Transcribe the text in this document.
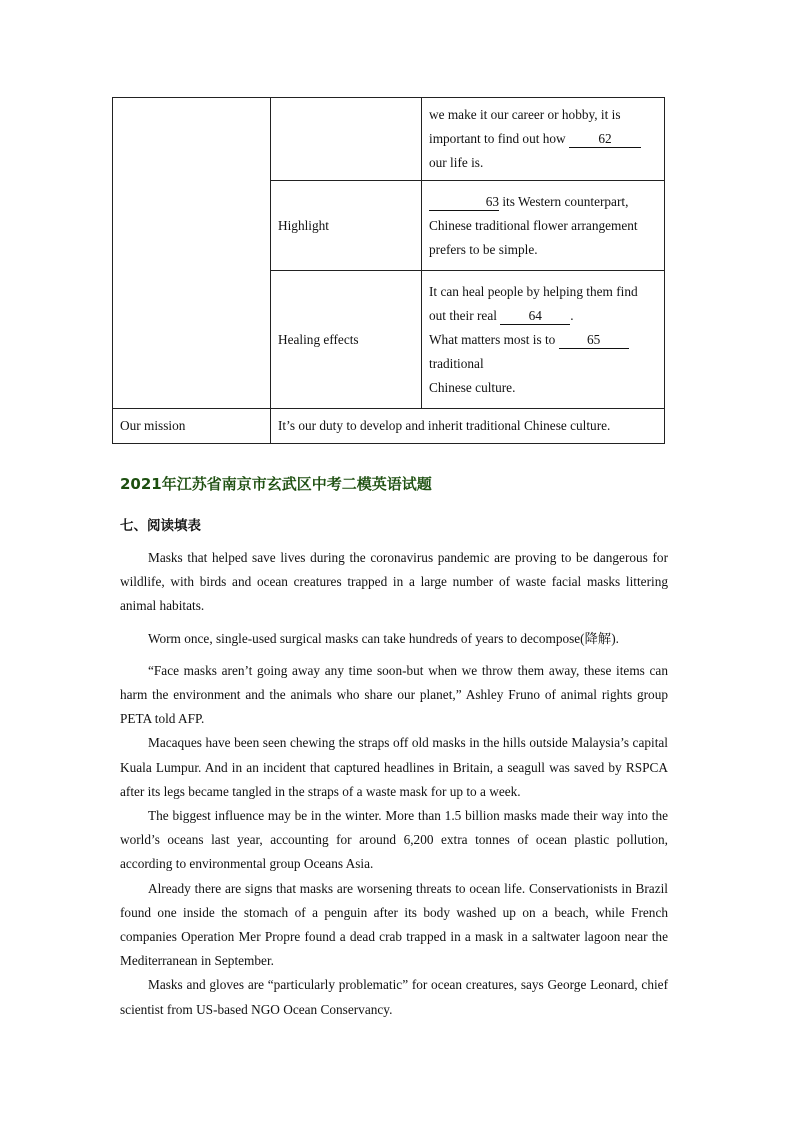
		we make it our career or hobby, it is
important to find out how 62
our life is.

	Highlight	63 its Western counterpart,
Chinese traditional flower arrangement
prefers to be simple.

	Healing effects	It can heal people by helping them find
out their real 64 .
What matters most is to 65
traditional
Chinese culture.

Our mission	It’s our duty to develop and inherit traditional Chinese culture.	
2021年江苏省南京市玄武区中考二模英语试题
七、阅读填表

Masks that helped save lives during the coronavirus pandemic are proving to be dangerous for wildlife, with birds and ocean creatures trapped in a large number of waste facial masks littering animal habitats.

Worm once, single-used surgical masks can take hundreds of years to decompose(降解).

“Face masks aren’t going away any time soon-but when we throw them away, these items can harm the environment and the animals who share our planet,” Ashley Fruno of animal rights group PETA told AFP.

Macaques have been seen chewing the straps off old masks in the hills outside Malaysia’s capital Kuala Lumpur. And in an incident that captured headlines in Britain, a seagull was saved by RSPCA after its legs became tangled in the straps of a waste mask for up to a week.

The biggest influence may be in the winter. More than 1.5 billion masks made their way into the world’s oceans last year, accounting for around 6,200 extra tonnes of ocean plastic pollution, according to environmental group Oceans Asia.

Already there are signs that masks are worsening threats to ocean life. Conservationists in Brazil found one inside the stomach of a penguin after its body washed up on a beach, while French companies Operation Mer Propre found a dead crab trapped in a mask in a saltwater lagoon near the Mediterranean in September.

Masks and gloves are “particularly problematic” for ocean creatures, says George Leonard, chief scientist from US-based NGO Ocean Conservancy.
